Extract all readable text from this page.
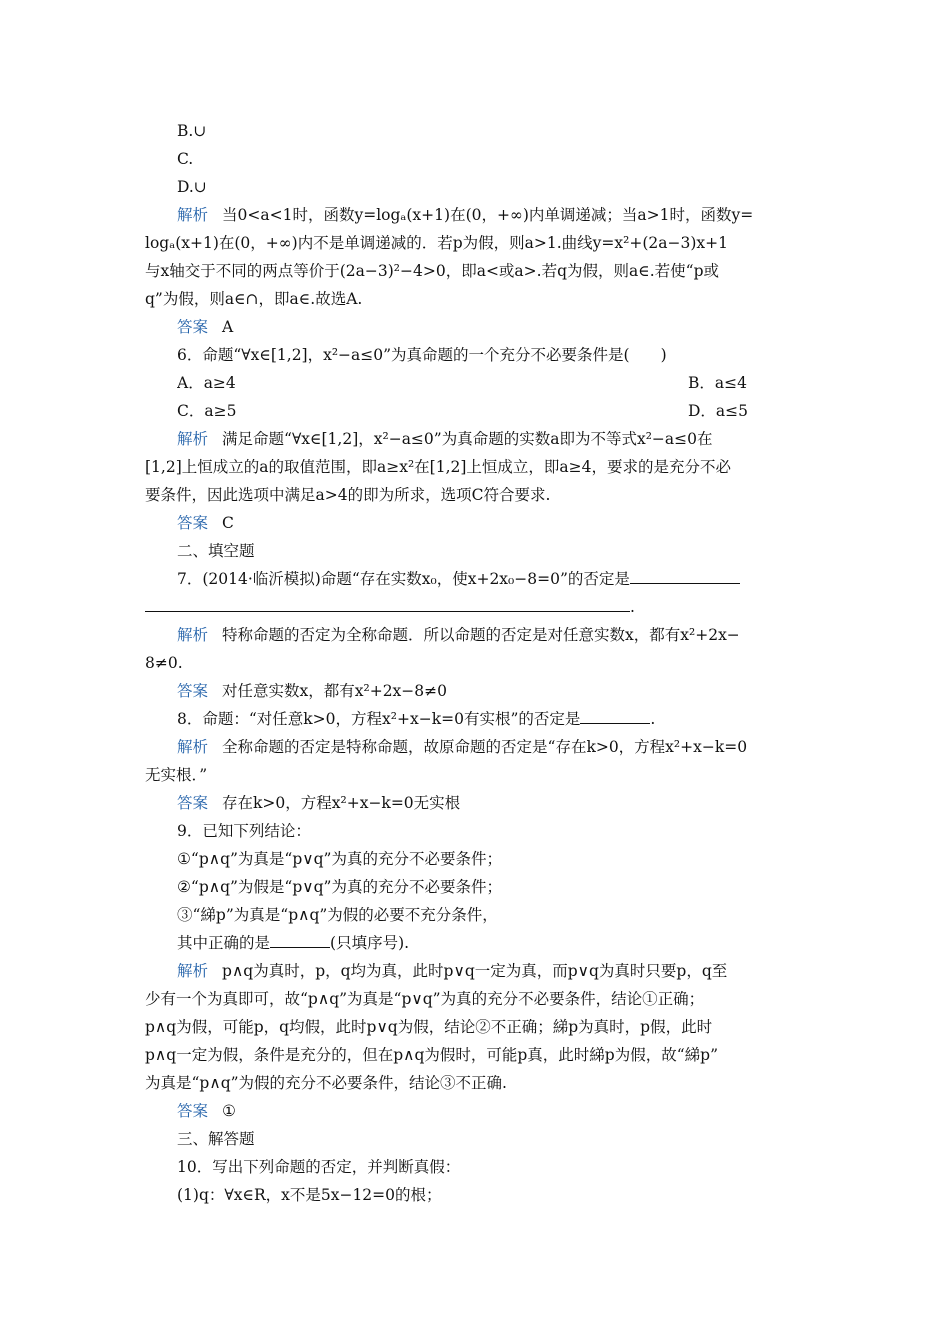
B.∪
C.
D.∪
解析 当0<a<1时，函数y=logₐ(x+1)在(0，+∞)内单调递减；当a>1时，函数y=
logₐ(x+1)在(0，+∞)内不是单调递减的．若p为假，则a>1.曲线y=x²+(2a−3)x+1
与x轴交于不同的两点等价于(2a−3)²−4>0，即a<或a>.若q为假，则a∈.若使“p或
q”为假，则a∈∩，即a∈.故选A.
答案 A
6．命题“∀x∈[1,2]，x²−a≤0”为真命题的一个充分不必要条件是(　　)
A．a≥4	B．a≤4
C．a≥5	D．a≤5
解析 满足命题“∀x∈[1,2]，x²−a≤0”为真命题的实数a即为不等式x²−a≤0在
[1,2]上恒成立的a的取值范围，即a≥x²在[1,2]上恒成立，即a≥4，要求的是充分不必
要条件，因此选项中满足a>4的即为所求，选项C符合要求.
答案 C
二、填空题
7．(2014·临沂模拟)命题“存在实数x₀，使x+2x₀−8=0”的否定是
.
解析 特称命题的否定为全称命题．所以命题的否定是对任意实数x，都有x²+2x−
8≠0.
答案 对任意实数x，都有x²+2x−8≠0
8．命题：“对任意k>0，方程x²+x−k=0有实根”的否定是	.
解析 全称命题的否定是特称命题，故原命题的否定是“存在k>0，方程x²+x−k=0
无实根．”
答案 存在k>0，方程x²+x−k=0无实根
9．已知下列结论：
①“p∧q”为真是“p∨q”为真的充分不必要条件；
②“p∧q”为假是“p∨q”为真的充分不必要条件；
③“綈p”为真是“p∧q”为假的必要不充分条件，
其中正确的是	(只填序号).
解析 p∧q为真时，p，q均为真，此时p∨q一定为真，而p∨q为真时只要p，q至
少有一个为真即可，故“p∧q”为真是“p∨q”为真的充分不必要条件，结论①正确；
p∧q为假，可能p，q均假，此时p∨q为假，结论②不正确；綈p为真时，p假，此时
p∧q一定为假，条件是充分的，但在p∧q为假时，可能p真，此时綈p为假，故“綈p”
为真是“p∧q”为假的充分不必要条件，结论③不正确.
答案 ①
三、解答题
10．写出下列命题的否定，并判断真假：
(1)q：∀x∈R，x不是5x−12=0的根；
